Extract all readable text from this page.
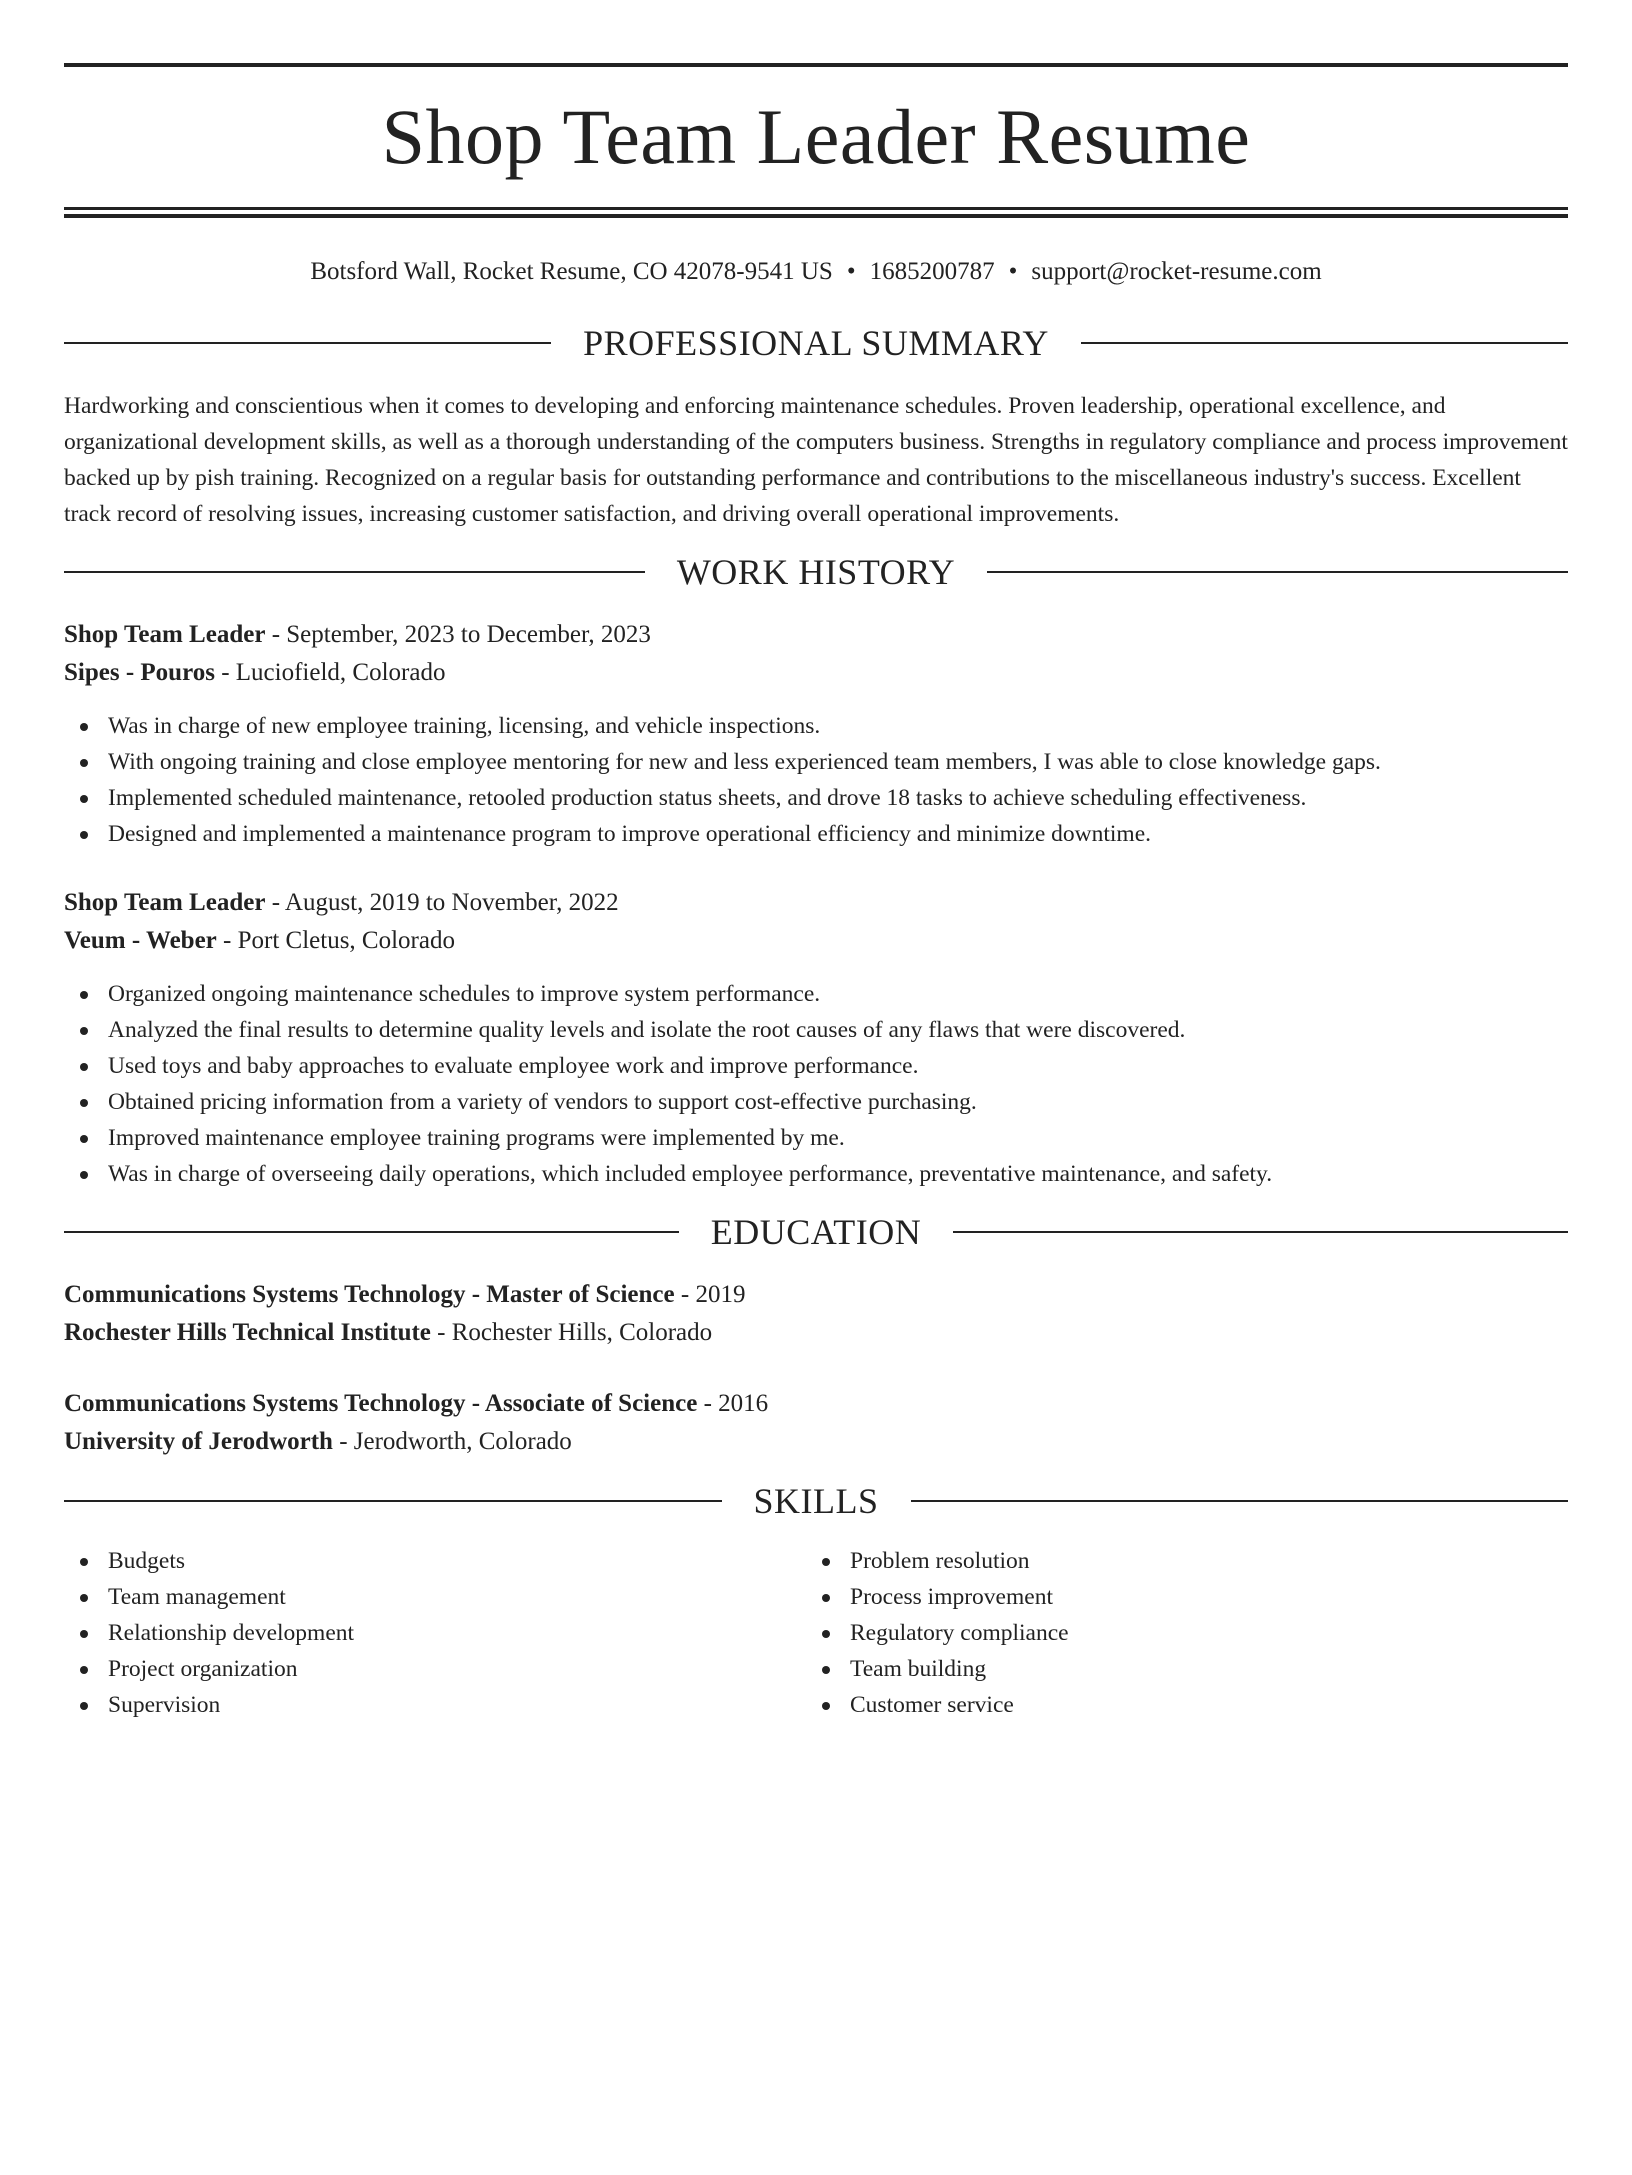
Shop Team Leader Resume
Botsford Wall, Rocket Resume, CO 42078-9541 US • 1685200787 • support@rocket-resume.com
PROFESSIONAL SUMMARY
Hardworking and conscientious when it comes to developing and enforcing maintenance schedules. Proven leadership, operational excellence, and organizational development skills, as well as a thorough understanding of the computers business. Strengths in regulatory compliance and process improvement backed up by pish training. Recognized on a regular basis for outstanding performance and contributions to the miscellaneous industry's success. Excellent track record of resolving issues, increasing customer satisfaction, and driving overall operational improvements.
WORK HISTORY
Shop Team Leader - September, 2023 to December, 2023
Sipes - Pouros - Luciofield, Colorado
Was in charge of new employee training, licensing, and vehicle inspections.
With ongoing training and close employee mentoring for new and less experienced team members, I was able to close knowledge gaps.
Implemented scheduled maintenance, retooled production status sheets, and drove 18 tasks to achieve scheduling effectiveness.
Designed and implemented a maintenance program to improve operational efficiency and minimize downtime.
Shop Team Leader - August, 2019 to November, 2022
Veum - Weber - Port Cletus, Colorado
Organized ongoing maintenance schedules to improve system performance.
Analyzed the final results to determine quality levels and isolate the root causes of any flaws that were discovered.
Used toys and baby approaches to evaluate employee work and improve performance.
Obtained pricing information from a variety of vendors to support cost-effective purchasing.
Improved maintenance employee training programs were implemented by me.
Was in charge of overseeing daily operations, which included employee performance, preventative maintenance, and safety.
EDUCATION
Communications Systems Technology - Master of Science - 2019
Rochester Hills Technical Institute - Rochester Hills, Colorado
Communications Systems Technology - Associate of Science - 2016
University of Jerodworth - Jerodworth, Colorado
SKILLS
Budgets
Team management
Relationship development
Project organization
Supervision
Problem resolution
Process improvement
Regulatory compliance
Team building
Customer service
